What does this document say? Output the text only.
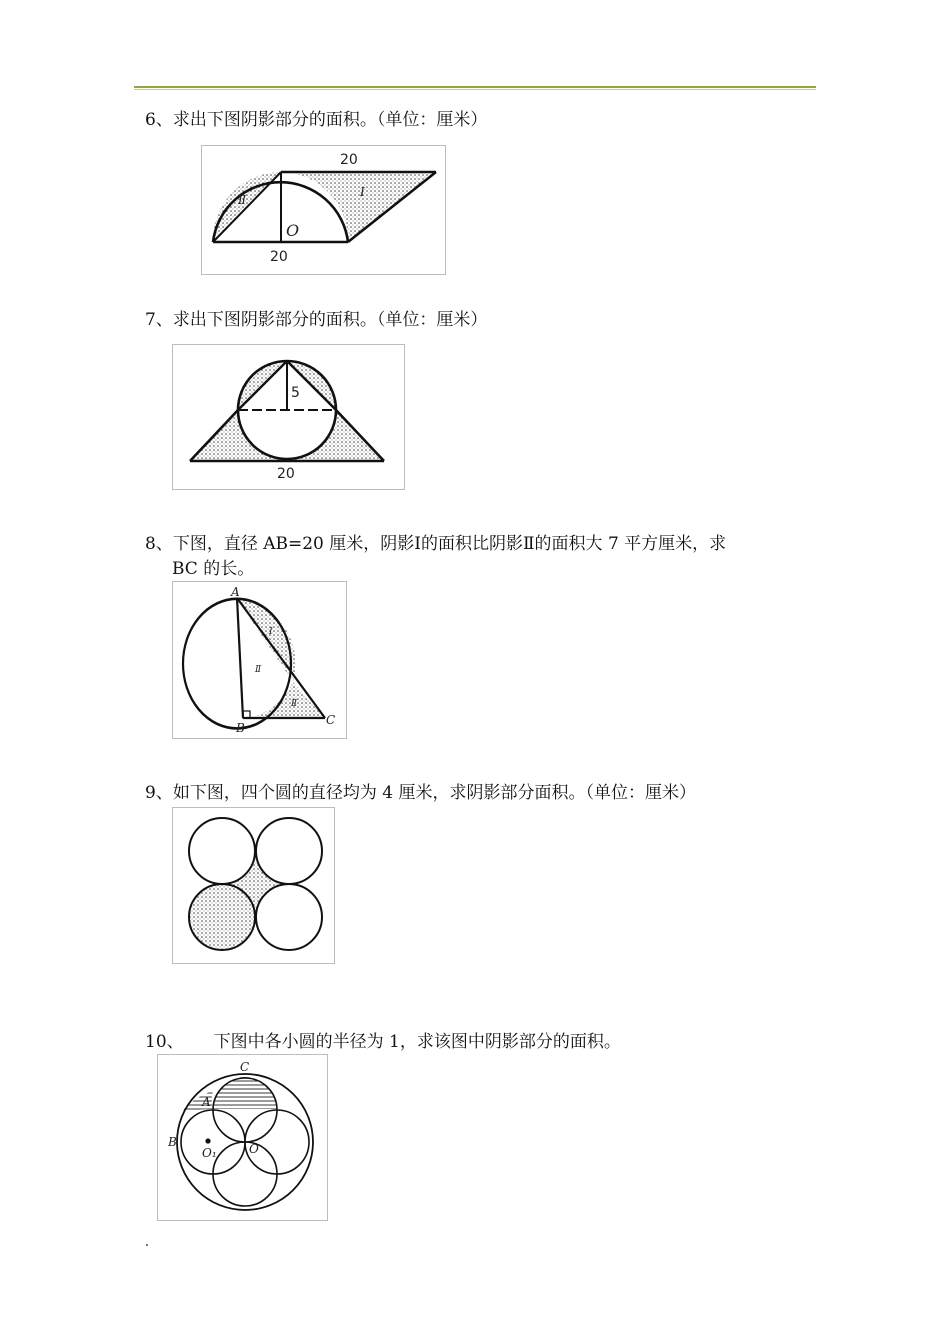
6、求出下图阴影部分的面积。（单位：厘米）
20
20
O
I
Ⅱ
7、求出下图阴影部分的面积。（单位：厘米）
5
20
8、下图，直径 AB=20 厘米，阴影Ⅰ的面积比阴影Ⅱ的面积大 7 平方厘米，求
BC 的长。
A
B
C
I
Ⅱ
Ⅱ
9、如下图，四个圆的直径均为 4 厘米，求阴影部分面积。（单位：厘米）
10、 下图中各小圆的半径为 1，求该图中阴影部分的面积。
C
A
B	O
O₁
